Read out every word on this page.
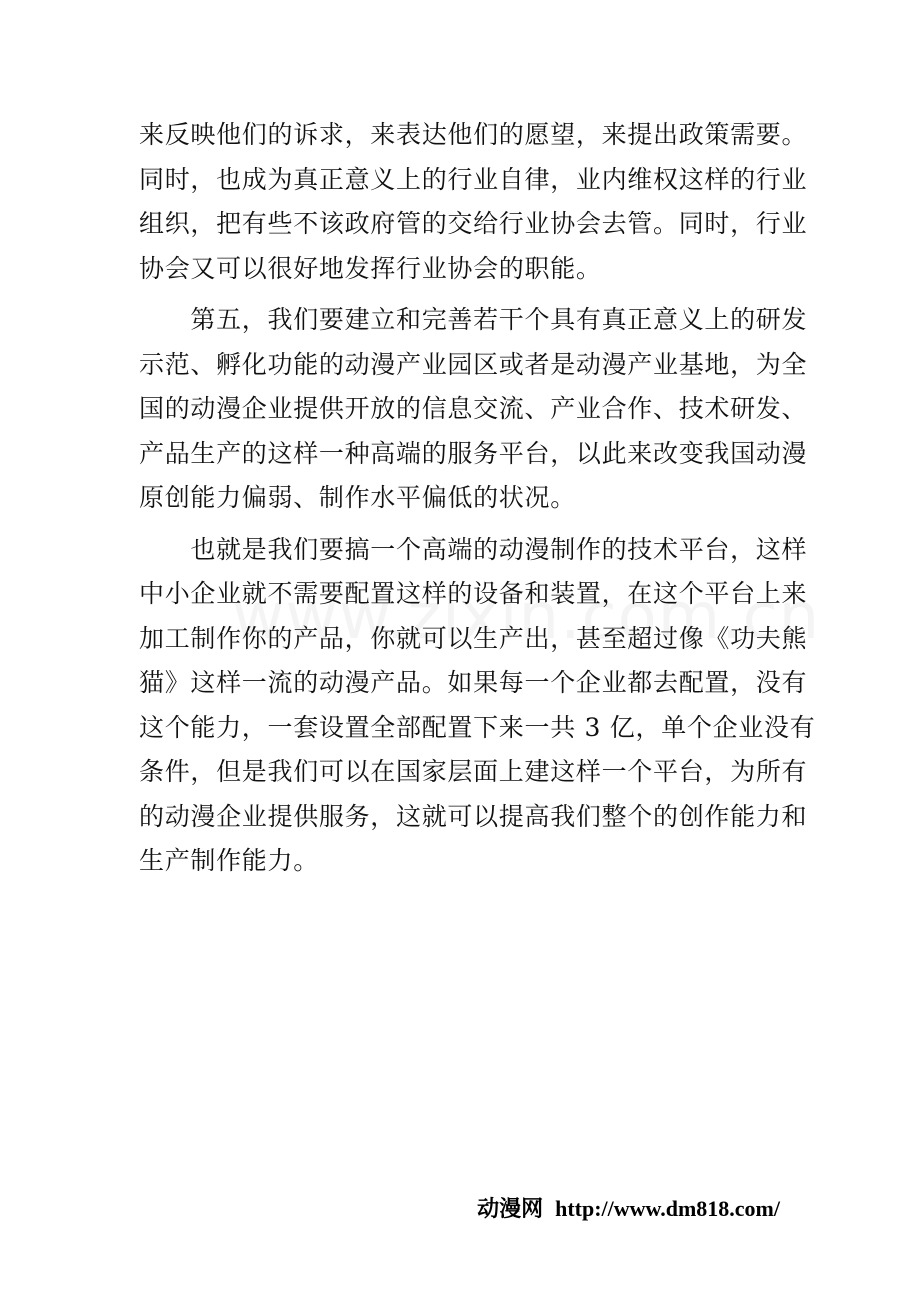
来反映他们的诉求，来表达他们的愿望，来提出政策需要。
同时，也成为真正意义上的行业自律，业内维权这样的行业
组织，把有些不该政府管的交给行业协会去管。同时，行业
协会又可以很好地发挥行业协会的职能。
　　第五，我们要建立和完善若干个具有真正意义上的研发
示范、孵化功能的动漫产业园区或者是动漫产业基地，为全
国的动漫企业提供开放的信息交流、产业合作、技术研发、
产品生产的这样一种高端的服务平台，以此来改变我国动漫
原创能力偏弱、制作水平偏低的状况。
　　也就是我们要搞一个高端的动漫制作的技术平台，这样
中小企业就不需要配置这样的设备和装置，在这个平台上来
加工制作你的产品，你就可以生产出，甚至超过像《功夫熊
猫》这样一流的动漫产品。如果每一个企业都去配置，没有
这个能力，一套设置全部配置下来一共 3 亿，单个企业没有
条件，但是我们可以在国家层面上建这样一个平台，为所有
的动漫企业提供服务，这就可以提高我们整个的创作能力和
生产制作能力。
动漫网 http://www.dm818.com/
